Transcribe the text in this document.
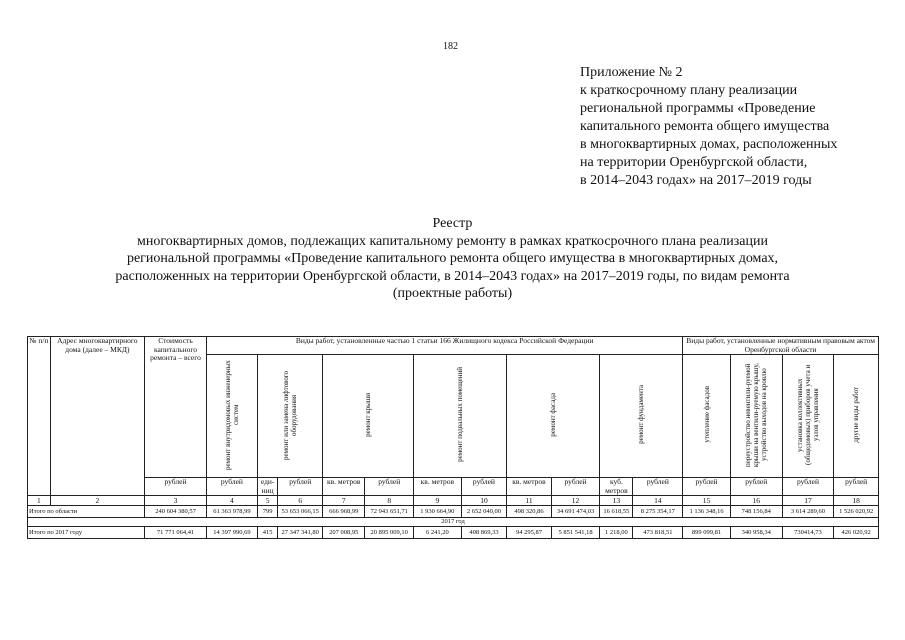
182
Приложение № 2
к краткосрочному плану реализации
региональной программы «Проведение
капитального ремонта общего имущества
в многоквартирных домах, расположенных
на территории Оренбургской области,
в 2014–2043 годах» на 2017–2019 годы
Реестр
многоквартирных домов, подлежащих капитальному ремонту в рамках краткосрочного плана реализации
региональной программы «Проведение капитального ремонта общего имущества в многоквартирных домах,
расположенных на территории Оренбургской области, в 2014–2043 годах» на 2017–2019 годы, по видам ремонта
(проектные работы)
№ п/п	Адрес многоквартирного дома (далее – МКД)	Стоимость капитального ремонта – всего	Виды работ, установленные частью 1 статьи 166 Жилищного кодекса Российской Федерации											Виды работ, установленные нормативным правовым актом Оренбургской области			
			ремонт внутридомовых инженерных систем	ремонт или замена лифтового оборудования		ремонт крыши		ремонт подвальных помещений		ремонт фасада		ремонт фундамента		утепление фасадов	переустройство невентили-руемой крыши на вентили-руемую крышу, устройство выходов на кровлю	установка коллективных (общедомовых) приборов учета и узлов управления	другие виды работ
		рублей	рублей	еди-ниц	рублей	кв. метров	рублей	кв. метров	рублей	кв. метров	рублей	куб. метров	рублей	рублей	рублей	рублей	рублей
1	2	3	4	5	6	7	8	9	10	11	12	13	14	15	16	17	18
Итого по области		240 604 380,57	61 363 978,99	799	53 653 066,15	666 968,99	72 943 651,71	1 930 664,90	2 652 040,00	498 320,86	34 691 474,03	16 618,55	8 275 354,17	1 136 348,16	748 156,84	3 614 289,60	1 526 020,92
2017 год																	
Итого по 2017 году		71 771 064,41	14 397 990,69	415	27 347 341,80	207 008,95	20 895 009,10	6 241,20	408 869,33	94 295,87	5 851 541,18	1 218,00	473 818,51	899 099,81	340 958,34	730414,73	426 020,92
